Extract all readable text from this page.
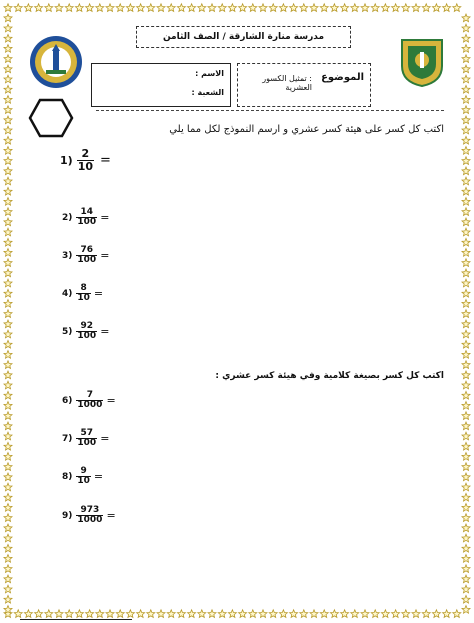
مدرسة منارة الشارقة / الصف الثامن
الاسم :
الشعبة :
الموضوع
: تمثيل الكسور العشرية
اكتب كل كسر على هيئة كسر عشري و ارسم النموذج لكل مما يلي
$1) \frac{2}{10}$ =
$2) \frac{14}{100}$ =
$3) \frac{76}{100}$ =
$4) \frac{8}{10}$ =
$5) \frac{92}{100}$ =
اكتب كل كسر بصيغة كلامية وفي هيئة كسر عشري :
$6) \frac{7}{1000}$ =
$7) \frac{57}{100}$ =
$8) \frac{9}{10}$ =
$9) \frac{973}{1000}$ =
